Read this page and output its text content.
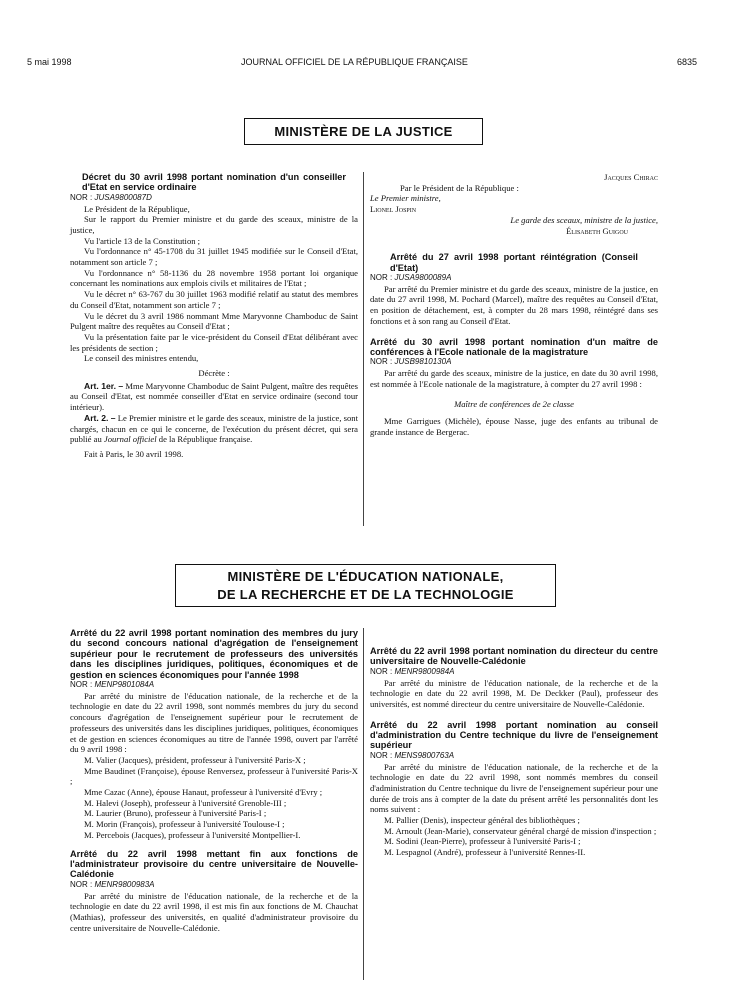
5 mai 1998	JOURNAL OFFICIEL DE LA RÉPUBLIQUE FRANÇAISE	6835
MINISTÈRE DE LA JUSTICE

Décret du 30 avril 1998 portant nomination d'un conseiller d'Etat en service ordinaire

NOR : JUSA9800087D

Le Président de la République,

Sur le rapport du Premier ministre et du garde des sceaux, ministre de la justice,

Vu l'article 13 de la Constitution ;

Vu l'ordonnance n° 45-1708 du 31 juillet 1945 modifiée sur le Conseil d'Etat, notamment son article 7 ;

Vu l'ordonnance n° 58-1136 du 28 novembre 1958 portant loi organique concernant les nominations aux emplois civils et militaires de l'Etat ;

Vu le décret n° 63-767 du 30 juillet 1963 modifié relatif au statut des membres du Conseil d'Etat, notamment son article 7 ;

Vu le décret du 3 avril 1986 nommant Mme Maryvonne Chamboduc de Saint Pulgent maître des requêtes au Conseil d'Etat ;

Vu la présentation faite par le vice-président du Conseil d'Etat délibérant avec les présidents de section ;

Le conseil des ministres entendu,

Décrète :

Art. 1er. – Mme Maryvonne Chamboduc de Saint Pulgent, maître des requêtes au Conseil d'Etat, est nommée conseiller d'Etat en service ordinaire (second tour intérieur).

Art. 2. – Le Premier ministre et le garde des sceaux, ministre de la justice, sont chargés, chacun en ce qui le concerne, de l'exécution du présent décret, qui sera publié au Journal officiel de la République française.

Fait à Paris, le 30 avril 1998.

Jacques Chirac

Par le Président de la République :

Le Premier ministre,

Lionel Jospin

Le garde des sceaux, ministre de la justice,

Élisabeth Guigou

Arrêté du 27 avril 1998 portant réintégration (Conseil d'Etat)

NOR : JUSA9800089A

Par arrêté du Premier ministre et du garde des sceaux, ministre de la justice, en date du 27 avril 1998, M. Pochard (Marcel), maître des requêtes au Conseil d'Etat, en position de détachement, est, à compter du 28 mars 1998, réintégré dans ses fonctions et à son rang au Conseil d'Etat.

Arrêté du 30 avril 1998 portant nomination d'un maître de conférences à l'Ecole nationale de la magistrature

NOR : JUSB9810130A

Par arrêté du garde des sceaux, ministre de la justice, en date du 30 avril 1998, est nommée à l'Ecole nationale de la magistrature, à compter du 27 avril 1998 :

Maître de conférences de 2e classe

Mme Garrigues (Michèle), épouse Nasse, juge des enfants au tribunal de grande instance de Bergerac.

MINISTÈRE DE L'ÉDUCATION NATIONALE,
DE LA RECHERCHE ET DE LA TECHNOLOGIE

Arrêté du 22 avril 1998 portant nomination des membres du jury du second concours national d'agrégation de l'enseignement supérieur pour le recrutement de professeurs des universités dans les disciplines juridiques, politiques, économiques et de gestion en sciences économiques pour l'année 1998

NOR : MENP9801084A

Par arrêté du ministre de l'éducation nationale, de la recherche et de la technologie en date du 22 avril 1998, sont nommés membres du jury du second concours d'agrégation de l'enseignement supérieur pour le recrutement de professeurs des universités dans les disciplines juridiques, politiques, économiques et de gestion en sciences économiques au titre de l'année 1998, ouvert par l'arrêté du 9 avril 1998 :

M. Valier (Jacques), président, professeur à l'université Paris-X ;

Mme Baudinet (Françoise), épouse Renversez, professeur à l'université Paris-X ;

Mme Cazac (Anne), épouse Hanaut, professeur à l'université d'Evry ;

M. Halevi (Joseph), professeur à l'université Grenoble-III ;

M. Laurier (Bruno), professeur à l'université Paris-I ;

M. Morin (François), professeur à l'université Toulouse-I ;

M. Percebois (Jacques), professeur à l'université Montpellier-I.

Arrêté du 22 avril 1998 mettant fin aux fonctions de l'administrateur provisoire du centre universitaire de Nouvelle-Calédonie

NOR : MENR9800983A

Par arrêté du ministre de l'éducation nationale, de la recherche et de la technologie en date du 22 avril 1998, il est mis fin aux fonctions de M. Chauchat (Mathias), professeur des universités, en qualité d'administrateur provisoire du centre universitaire de Nouvelle-Calédonie.

Arrêté du 22 avril 1998 portant nomination du directeur du centre universitaire de Nouvelle-Calédonie

NOR : MENR9800984A

Par arrêté du ministre de l'éducation nationale, de la recherche et de la technologie en date du 22 avril 1998, M. De Deckker (Paul), professeur des universités, est nommé directeur du centre universitaire de Nouvelle-Calédonie.

Arrêté du 22 avril 1998 portant nomination au conseil d'administration du Centre technique du livre de l'enseignement supérieur

NOR : MENS9800763A

Par arrêté du ministre de l'éducation nationale, de la recherche et de la technologie en date du 22 avril 1998, sont nommés membres du conseil d'administration du Centre technique du livre de l'enseignement supérieur pour une durée de trois ans à compter de la date du présent arrêté les personnalités dont les noms suivent :

M. Pallier (Denis), inspecteur général des bibliothèques ;

M. Arnoult (Jean-Marie), conservateur général chargé de mission d'inspection ;

M. Sodini (Jean-Pierre), professeur à l'université Paris-I ;

M. Lespagnol (André), professeur à l'université Rennes-II.
